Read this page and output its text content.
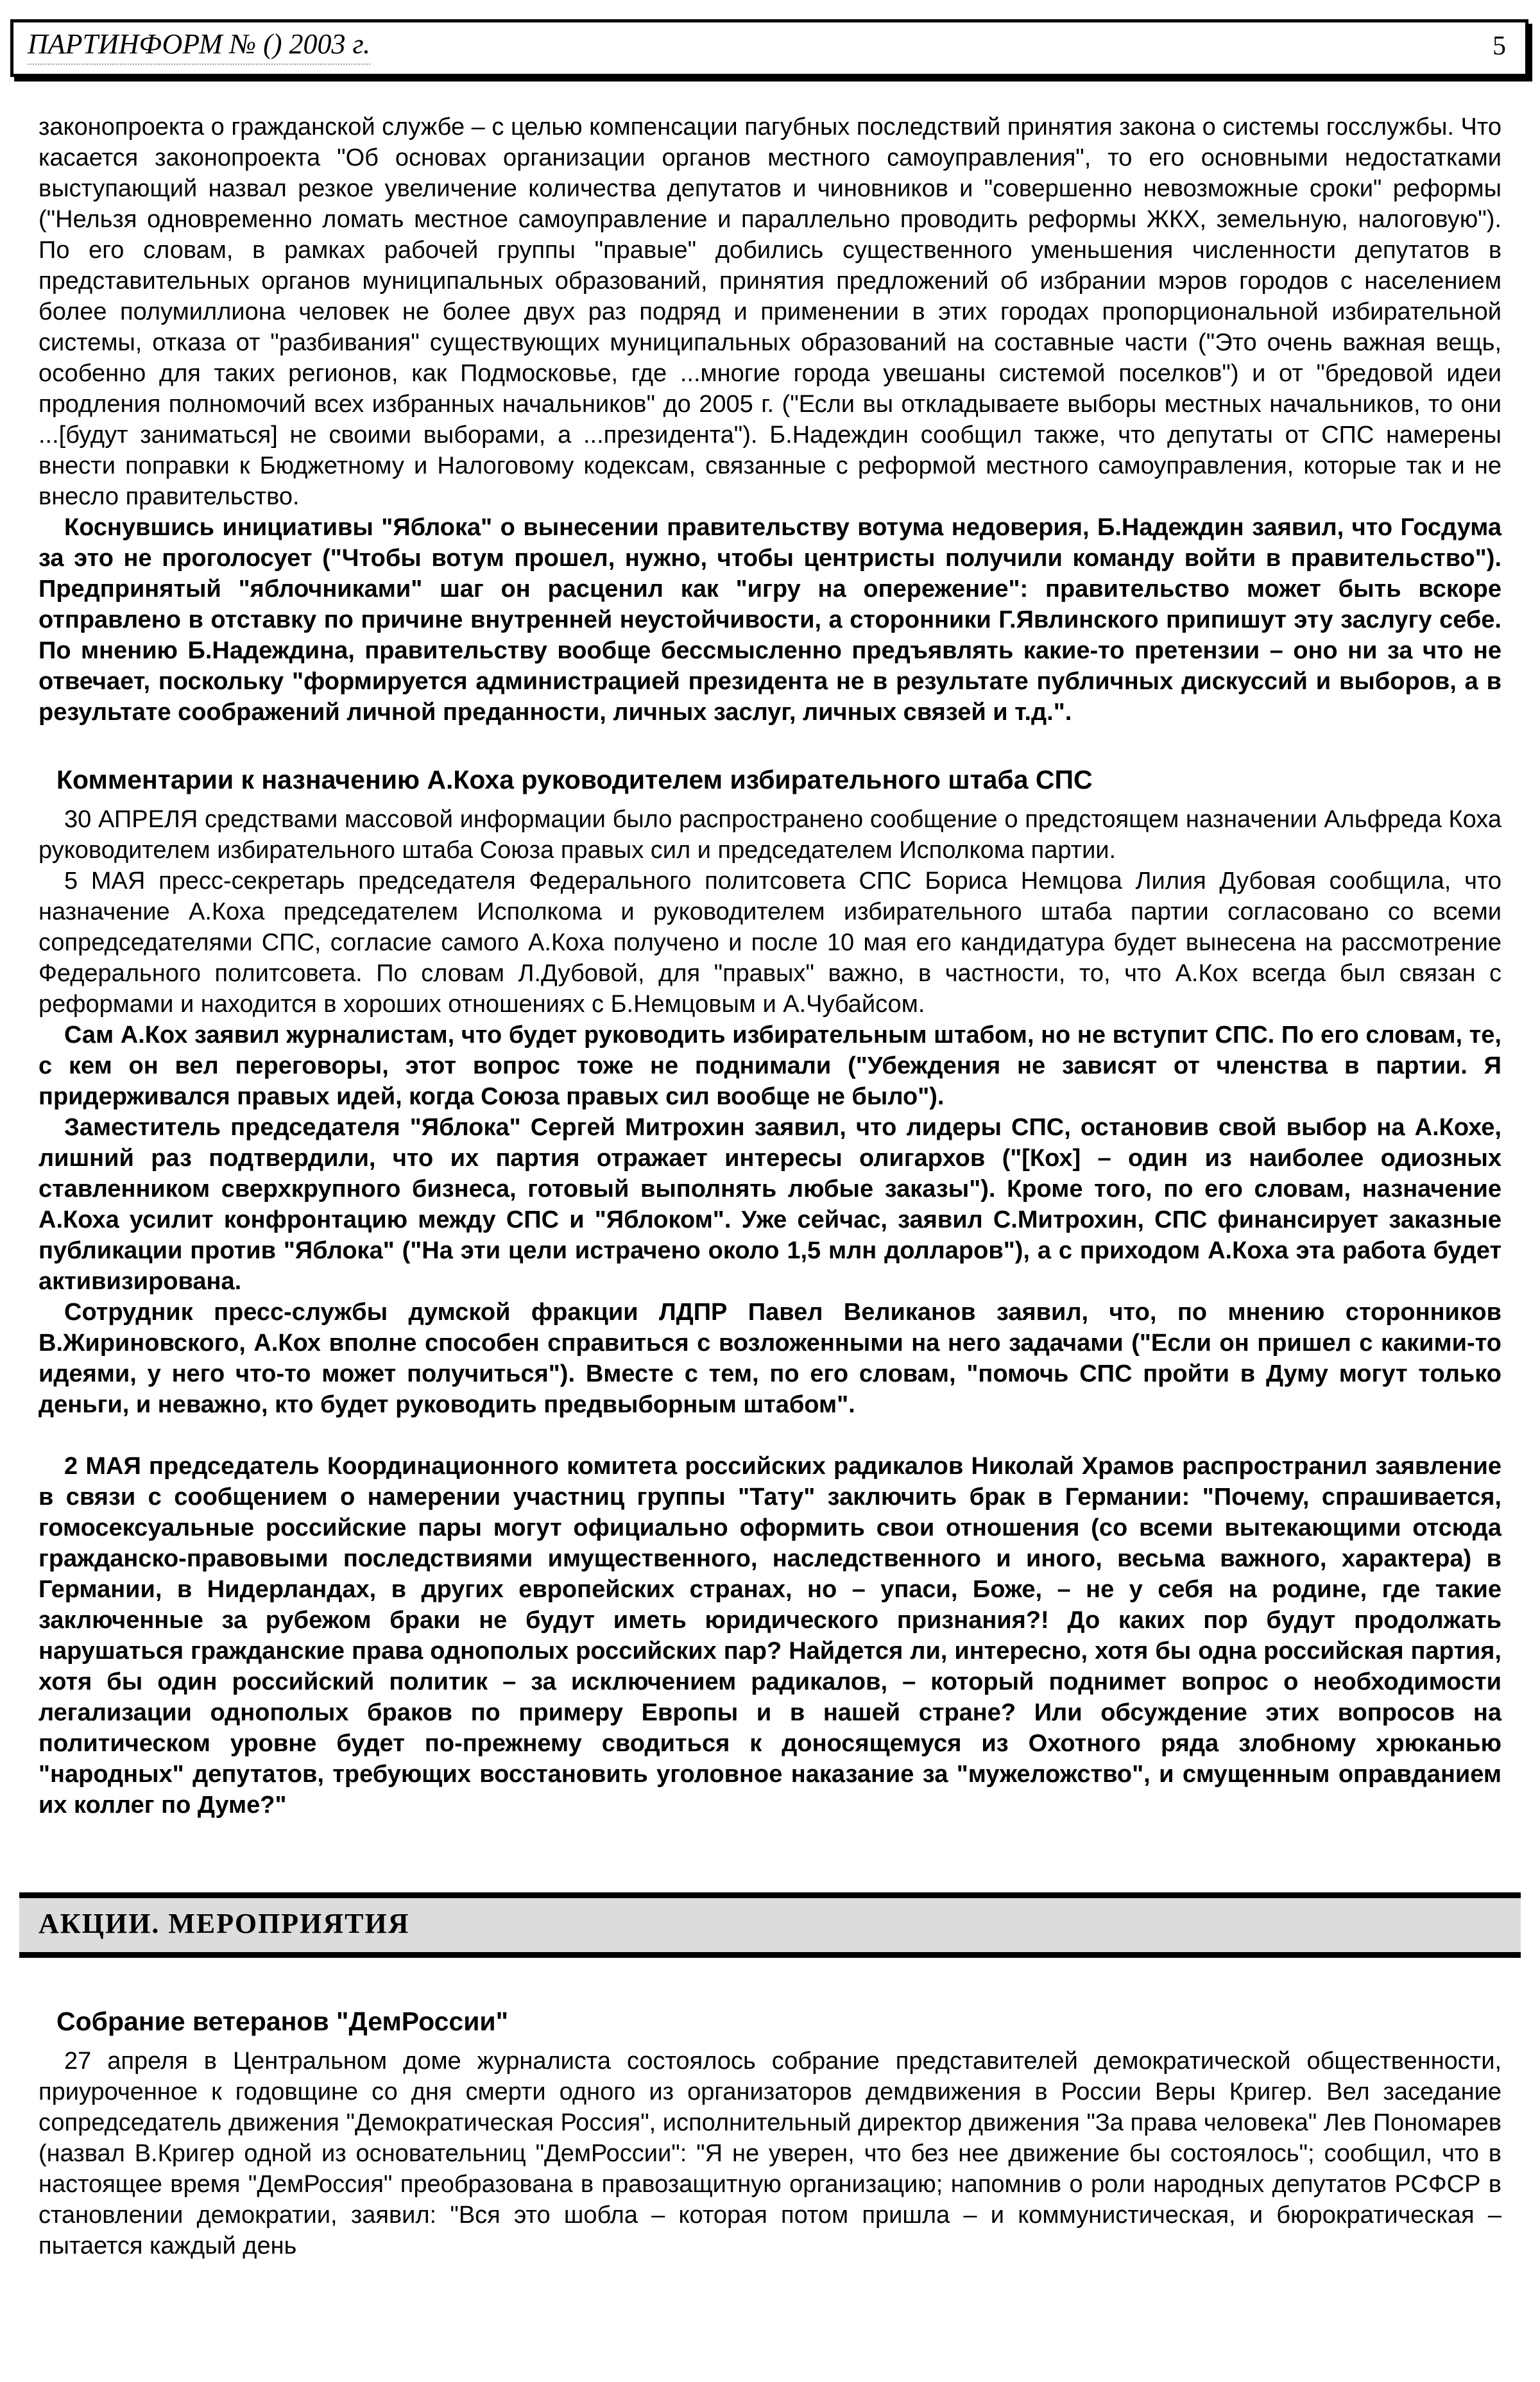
ПАРТИНФОРМ № () 2003 г.	5

законопроекта о гражданской службе – с целью компенсации пагубных последствий принятия закона о системы госслужбы. Что касается законопроекта "Об основах организации органов местного самоуправления", то его основными недостатками выступающий назвал резкое увеличение количества депутатов и чиновников и "совершенно невозможные сроки" реформы ("Нельзя одновременно ломать местное самоуправление и параллельно проводить реформы ЖКХ, земельную, налоговую"). По его словам, в рамках рабочей группы "правые" добились существенного уменьшения численности депутатов в представительных органов муниципальных образований, принятия предложений об избрании мэров городов с населением более полумиллиона человек не более двух раз подряд и применении в этих городах пропорциональной избирательной системы, отказа от "разбивания" существующих муниципальных образований на составные части ("Это очень важная вещь, особенно для таких регионов, как Подмосковье, где ...многие города увешаны системой поселков") и от "бредовой идеи продления полномочий всех избранных начальников" до 2005 г. ("Если вы откладываете выборы местных начальников, то они ...[будут заниматься] не своими выборами, а ...президента"). Б.Надеждин сообщил также, что депутаты от СПС намерены внести поправки к Бюджетному и Налоговому кодексам, связанные с реформой местного самоуправления, которые так и не внесло правительство.

Коснувшись инициативы "Яблока" о вынесении правительству вотума недоверия, Б.Надеждин заявил, что Госдума за это не проголосует ("Чтобы вотум прошел, нужно, чтобы центристы получили команду войти в правительство"). Предпринятый "яблочниками" шаг он расценил как "игру на опережение": правительство может быть вскоре отправлено в отставку по причине внутренней неустойчивости, а сторонники Г.Явлинского припишут эту заслугу себе. По мнению Б.Надеждина, правительству вообще бессмысленно предъявлять какие-то претензии – оно ни за что не отвечает, поскольку "формируется администрацией президента не в результате публичных дискуссий и выборов, а в результате соображений личной преданности, личных заслуг, личных связей и т.д.".

Комментарии к назначению А.Коха руководителем избирательного штаба СПС

30 АПРЕЛЯ средствами массовой информации было распространено сообщение о предстоящем назначении Альфреда Коха руководителем избирательного штаба Союза правых сил и председателем Исполкома партии.

5 МАЯ пресс-секретарь председателя Федерального политсовета СПС Бориса Немцова Лилия Дубовая сообщила, что назначение А.Коха председателем Исполкома и руководителем избирательного штаба партии согласовано со всеми сопредседателями СПС, согласие самого А.Коха получено и после 10 мая его кандидатура будет вынесена на рассмотрение Федерального политсовета. По словам Л.Дубовой, для "правых" важно, в частности, то, что А.Кох всегда был связан с реформами и находится в хороших отношениях с Б.Немцовым и А.Чубайсом.

Сам А.Кох заявил журналистам, что будет руководить избирательным штабом, но не вступит СПС. По его словам, те, с кем он вел переговоры, этот вопрос тоже не поднимали ("Убеждения не зависят от членства в партии. Я придерживался правых идей, когда Союза правых сил вообще не было").

Заместитель председателя "Яблока" Сергей Митрохин заявил, что лидеры СПС, остановив свой выбор на А.Кохе, лишний раз подтвердили, что их партия отражает интересы олигархов ("[Кох] – один из наиболее одиозных ставленником сверхкрупного бизнеса, готовый выполнять любые заказы"). Кроме того, по его словам, назначение А.Коха усилит конфронтацию между СПС и "Яблоком". Уже сейчас, заявил С.Митрохин, СПС финансирует заказные публикации против "Яблока" ("На эти цели истрачено около 1,5 млн долларов"), а с приходом А.Коха эта работа будет активизирована.

Сотрудник пресс-службы думской фракции ЛДПР Павел Великанов заявил, что, по мнению сторонников В.Жириновского, А.Кох вполне способен справиться с возложенными на него задачами ("Если он пришел с какими-то идеями, у него что-то может получиться"). Вместе с тем, по его словам, "помочь СПС пройти в Думу могут только деньги, и неважно, кто будет руководить предвыборным штабом".

2 МАЯ председатель Координационного комитета российских радикалов Николай Храмов распространил заявление в связи с сообщением о намерении участниц группы "Тату" заключить брак в Германии: "Почему, спрашивается, гомосексуальные российские пары могут официально оформить свои отношения (со всеми вытекающими отсюда гражданско-правовыми последствиями имущественного, наследственного и иного, весьма важного, характера) в Германии, в Нидерландах, в других европейских странах, но – упаси, Боже, – не у себя на родине, где такие заключенные за рубежом браки не будут иметь юридического признания?! До каких пор будут продолжать нарушаться гражданские права однополых российских пар? Найдется ли, интересно, хотя бы одна российская партия, хотя бы один российский политик – за исключением радикалов, – который поднимет вопрос о необходимости легализации однополых браков по примеру Европы и в нашей стране? Или обсуждение этих вопросов на политическом уровне будет по-прежнему сводиться к доносящемуся из Охотного ряда злобному хрюканью "народных" депутатов, требующих восстановить уголовное наказание за "мужеложство", и смущенным оправданием их коллег по Думе?"

АКЦИИ. МЕРОПРИЯТИЯ
Собрание ветеранов "ДемРоссии"

27 апреля в Центральном доме журналиста состоялось собрание представителей демократической общественности, приуроченное к годовщине со дня смерти одного из организаторов демдвижения в России Веры Кригер. Вел заседание сопредседатель движения "Демократическая Россия", исполнительный директор движения "За права человека" Лев Пономарев (назвал В.Кригер одной из основательниц "ДемРоссии": "Я не уверен, что без нее движение бы состоялось"; сообщил, что в настоящее время "ДемРоссия" преобразована в правозащитную организацию; напомнив о роли народных депутатов РСФСР в становлении демократии, заявил: "Вся это шобла – которая потом пришла – и коммунистическая, и бюрократическая – пытается каждый день
